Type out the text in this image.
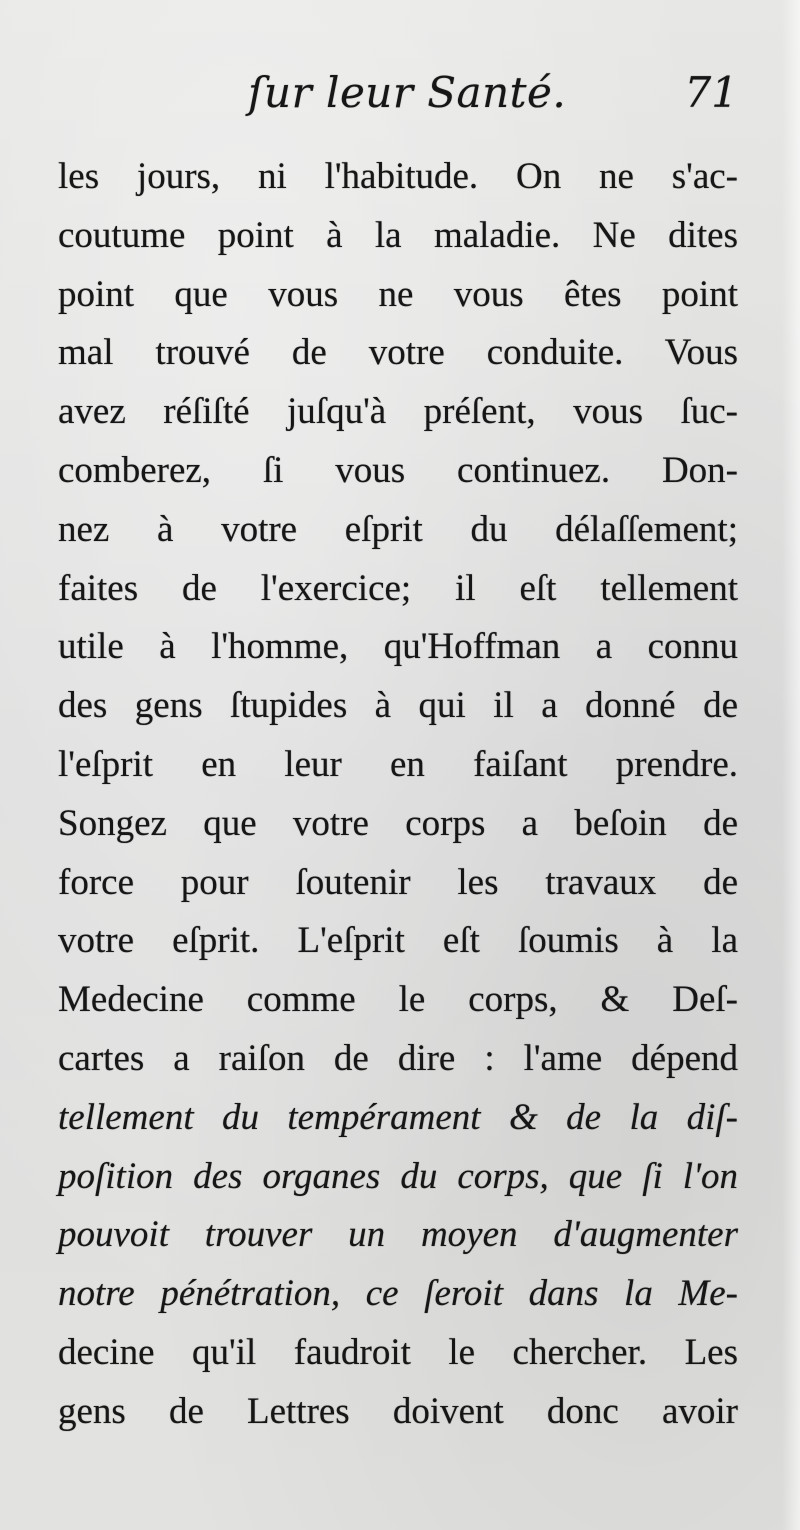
ſur leur Santé.	71
les jours, ni l'habitude. On ne s'ac-
coutume point à la maladie. Ne dites
point que vous ne vous êtes point
mal trouvé de votre conduite. Vous
avez réſiſté juſqu'à préſent, vous ſuc-
comberez, ſi vous continuez. Don-
nez à votre eſprit du délaſſement;
faites de l'exercice; il eſt tellement
utile à l'homme, qu'Hoffman a connu
des gens ſtupides à qui il a donné de
l'eſprit en leur en faiſant prendre.
Songez que votre corps a beſoin de
force pour ſoutenir les travaux de
votre eſprit. L'eſprit eſt ſoumis à la
Medecine comme le corps, & Deſ-
cartes a raiſon de dire : l'ame dépend
tellement du tempérament & de la diſ-
poſition des organes du corps, que ſi l'on
pouvoit trouver un moyen d'augmenter
notre pénétration, ce ſeroit dans la Me-
decine qu'il faudroit le chercher. Les
gens de Lettres doivent donc avoir
